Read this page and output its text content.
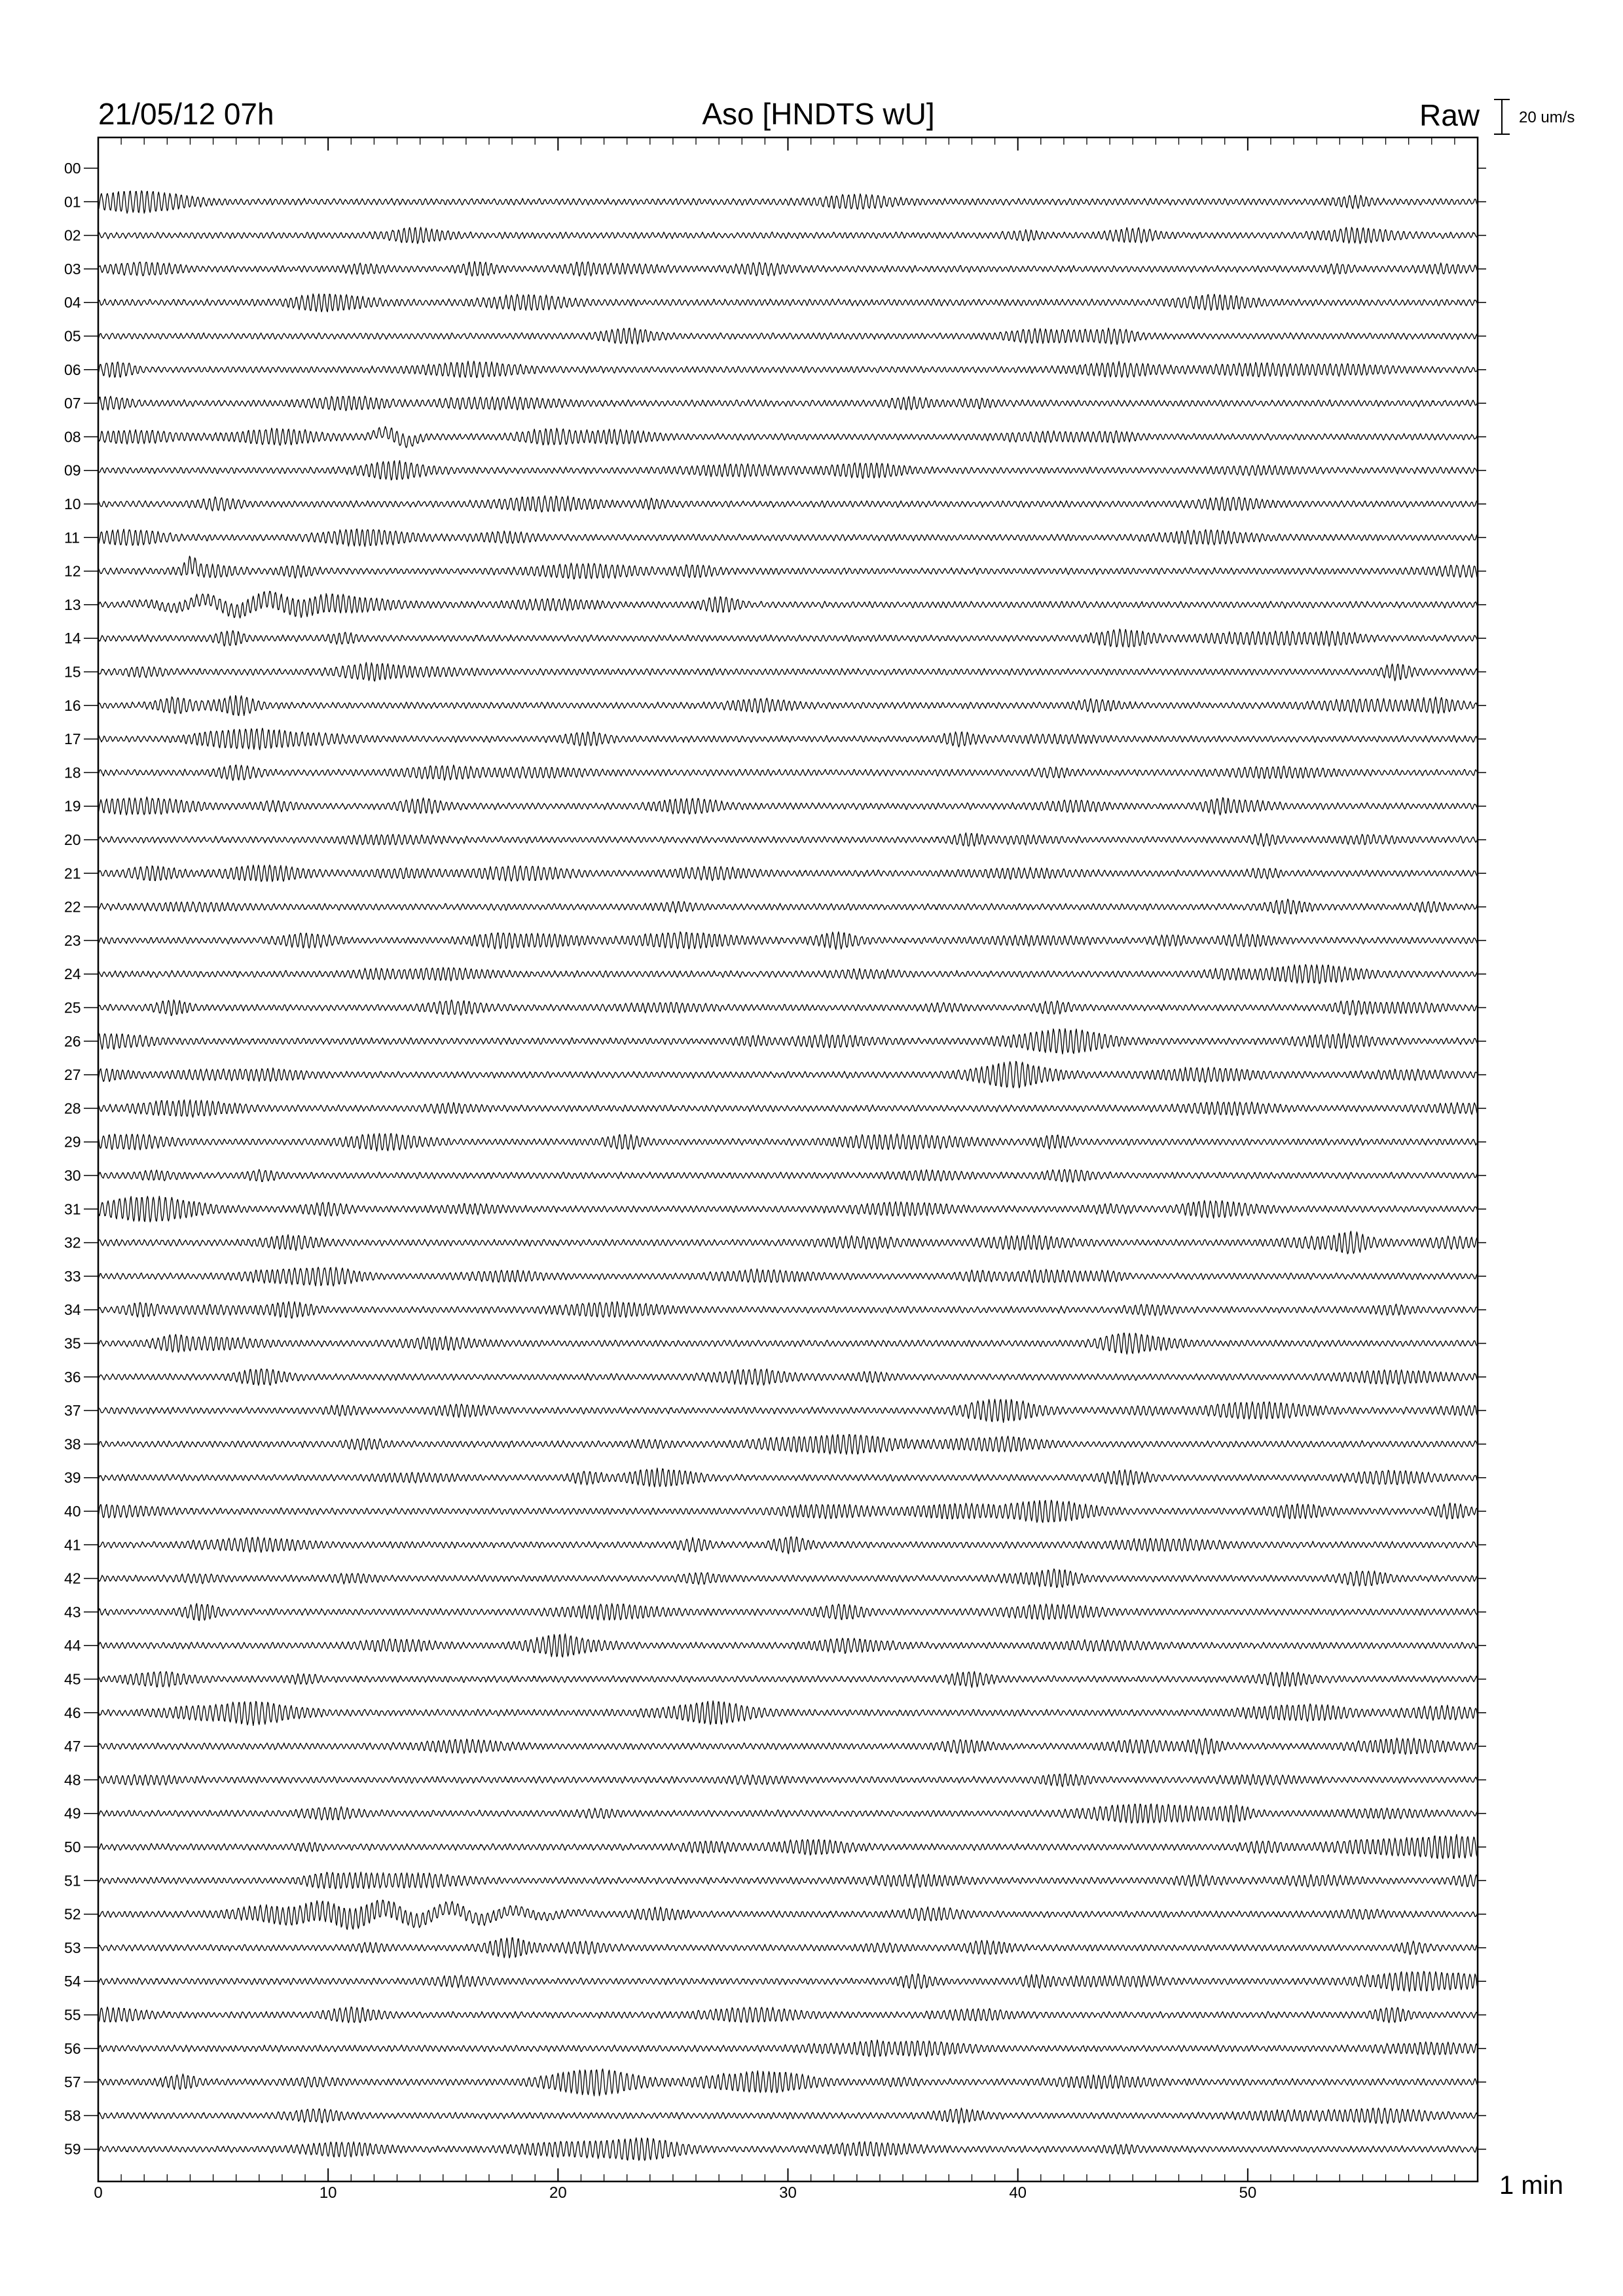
21/05/12 07h	Aso [HNDTS wU]	Raw	20 um/s
00
01
02
03
04
05
06
07
08
09
10
11
12
13
14
15
16
17
18
19
20
21
22
23
24
25
26
27
28
29
30
31
32
33
34
35
36
37
38
39
40
41
42
43
44
45
46
47
48
49
50
51
52
53
54
55
56
57
58
59
0	10	20	30	40	50	1 min
